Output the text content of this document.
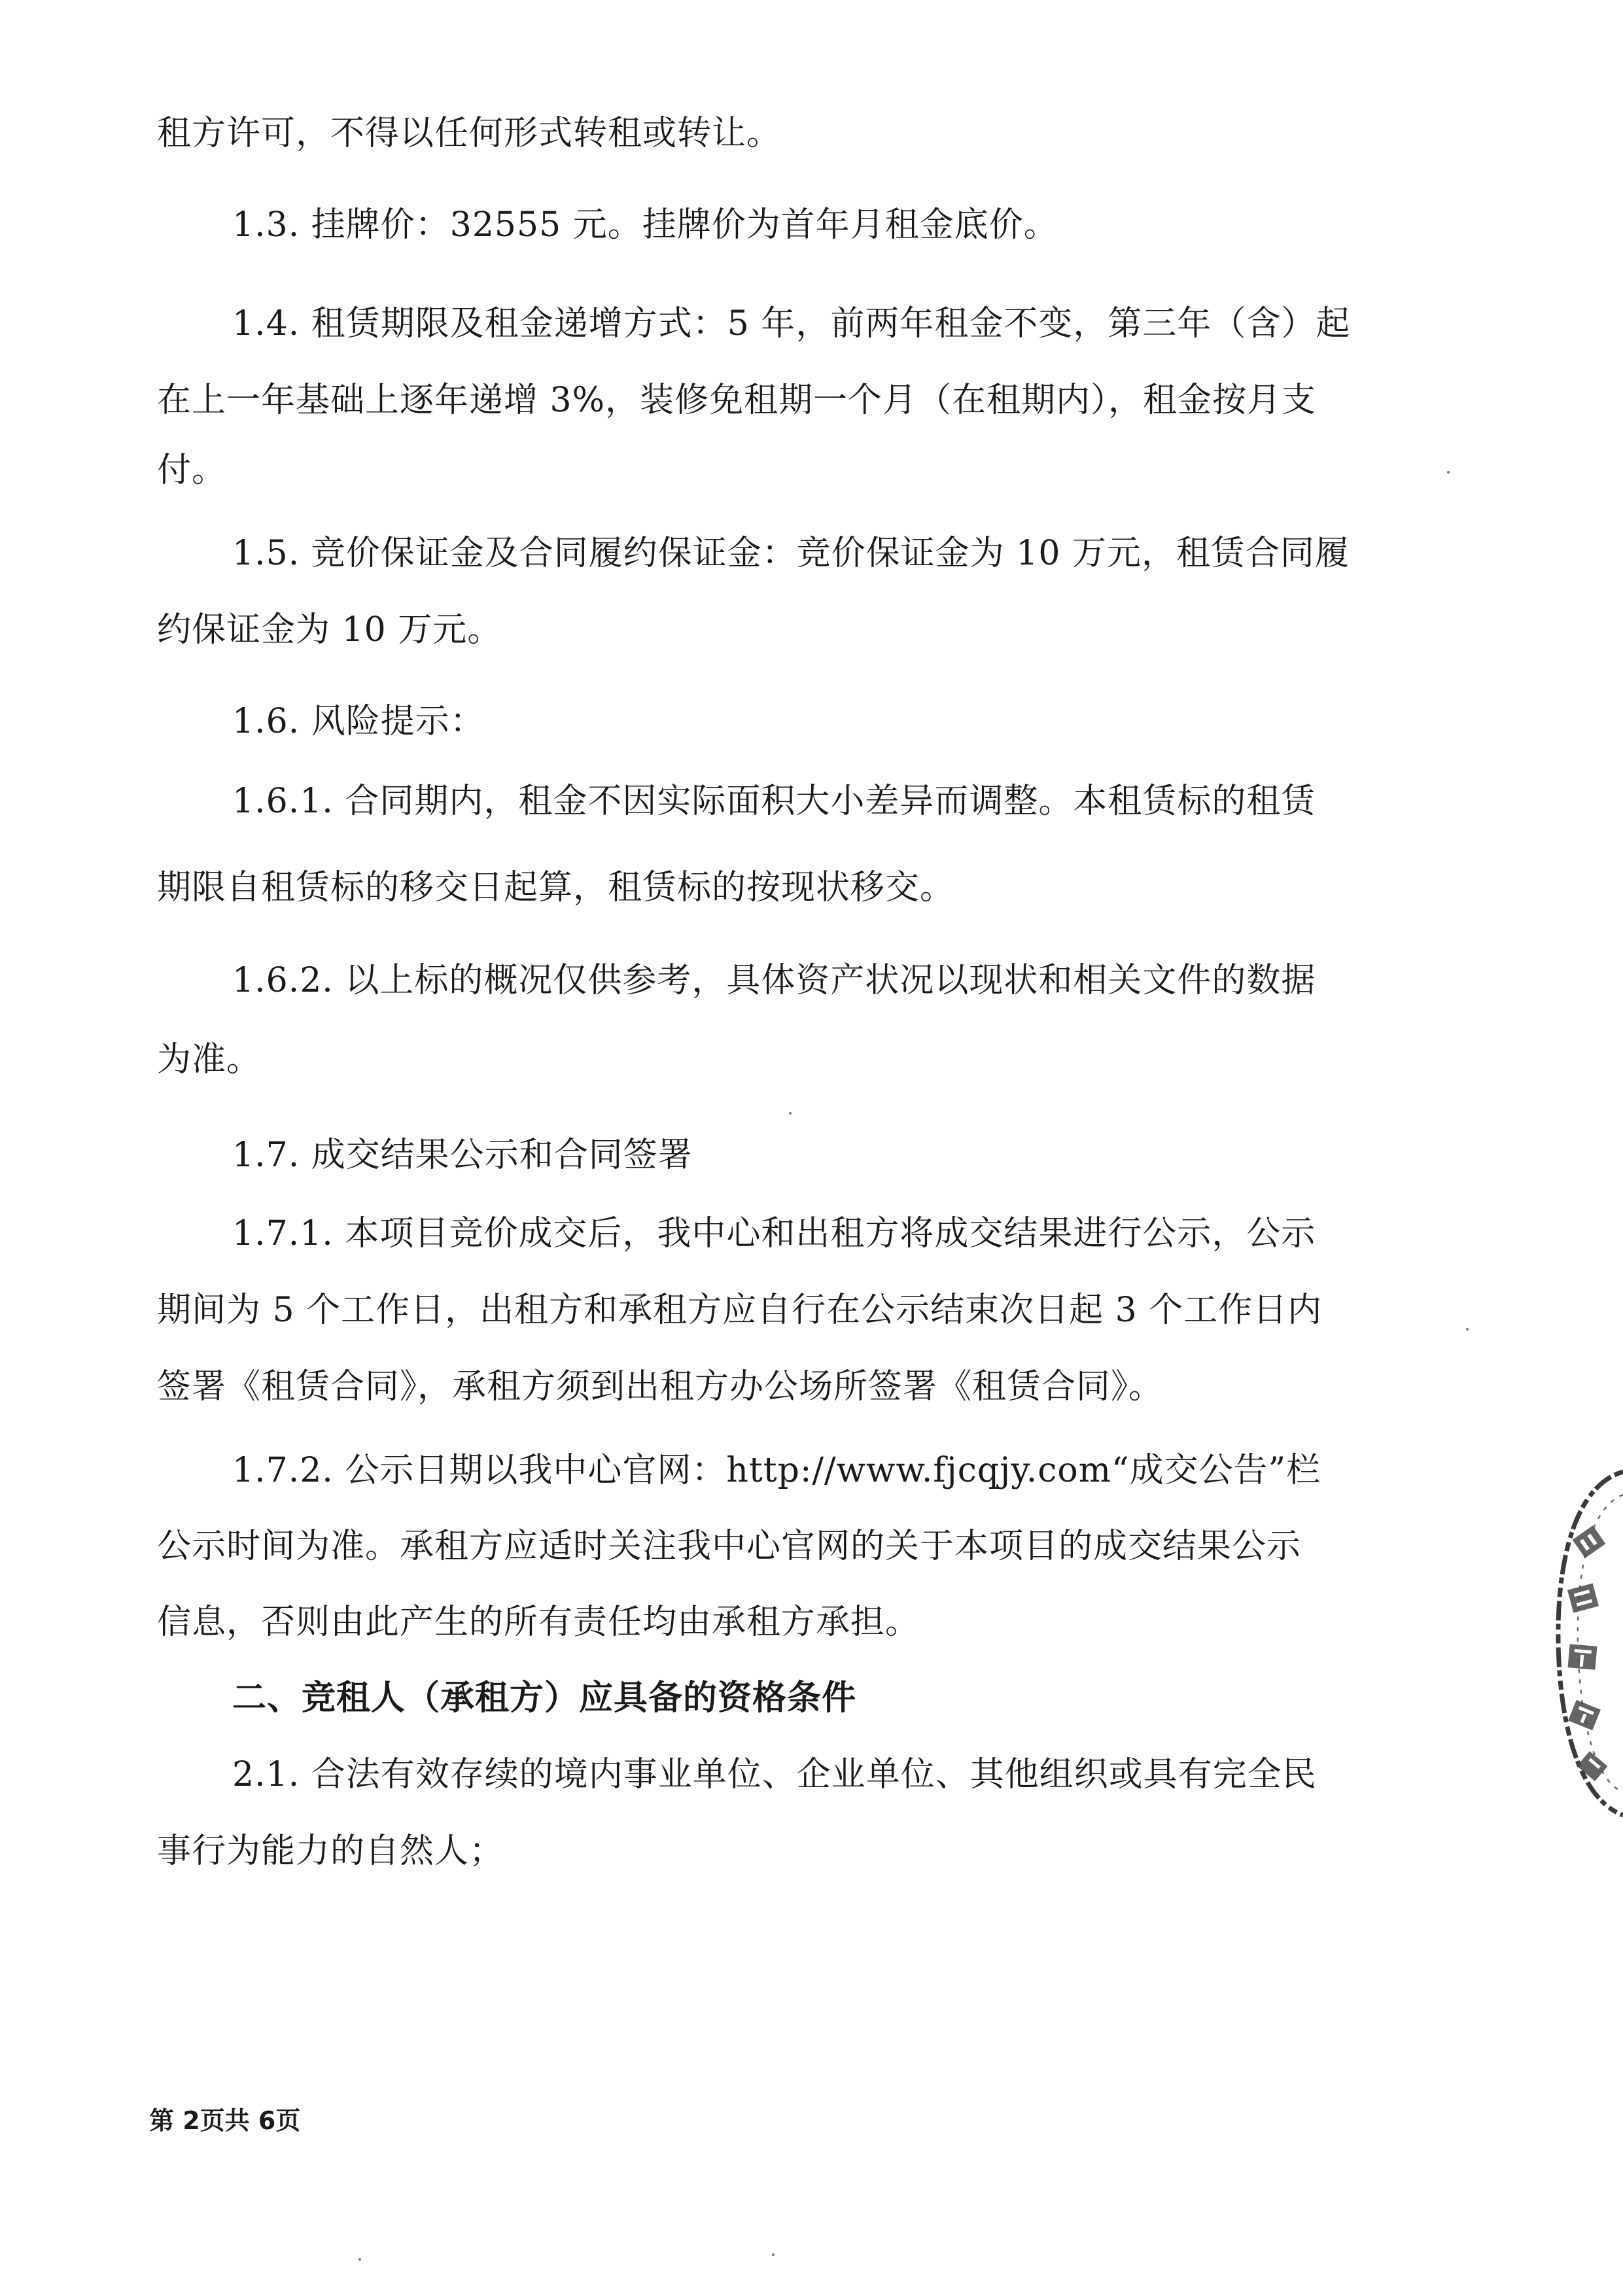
租方许可，不得以任何形式转租或转让。
1.3. 挂牌价：32555 元。挂牌价为首年月租金底价。
1.4. 租赁期限及租金递增方式：5 年，前两年租金不变，第三年（含）起
在上一年基础上逐年递增 3%，装修免租期一个月（在租期内），租金按月支
付。
1.5. 竞价保证金及合同履约保证金：竞价保证金为 10 万元，租赁合同履
约保证金为 10 万元。
1.6. 风险提示：
1.6.1. 合同期内，租金不因实际面积大小差异而调整。本租赁标的租赁
期限自租赁标的移交日起算，租赁标的按现状移交。
1.6.2. 以上标的概况仅供参考，具体资产状况以现状和相关文件的数据
为准。
1.7. 成交结果公示和合同签署
1.7.1. 本项目竞价成交后，我中心和出租方将成交结果进行公示，公示
期间为 5 个工作日，出租方和承租方应自行在公示结束次日起 3 个工作日内
签署《租赁合同》，承租方须到出租方办公场所签署《租赁合同》。
1.7.2. 公示日期以我中心官网：http://www.fjcqjy.com“成交公告”栏
公示时间为准。承租方应适时关注我中心官网的关于本项目的成交结果公示
信息，否则由此产生的所有责任均由承租方承担。
二、竞租人（承租方）应具备的资格条件
2.1. 合法有效存续的境内事业单位、企业单位、其他组织或具有完全民
事行为能力的自然人；
第 2页共 6页
